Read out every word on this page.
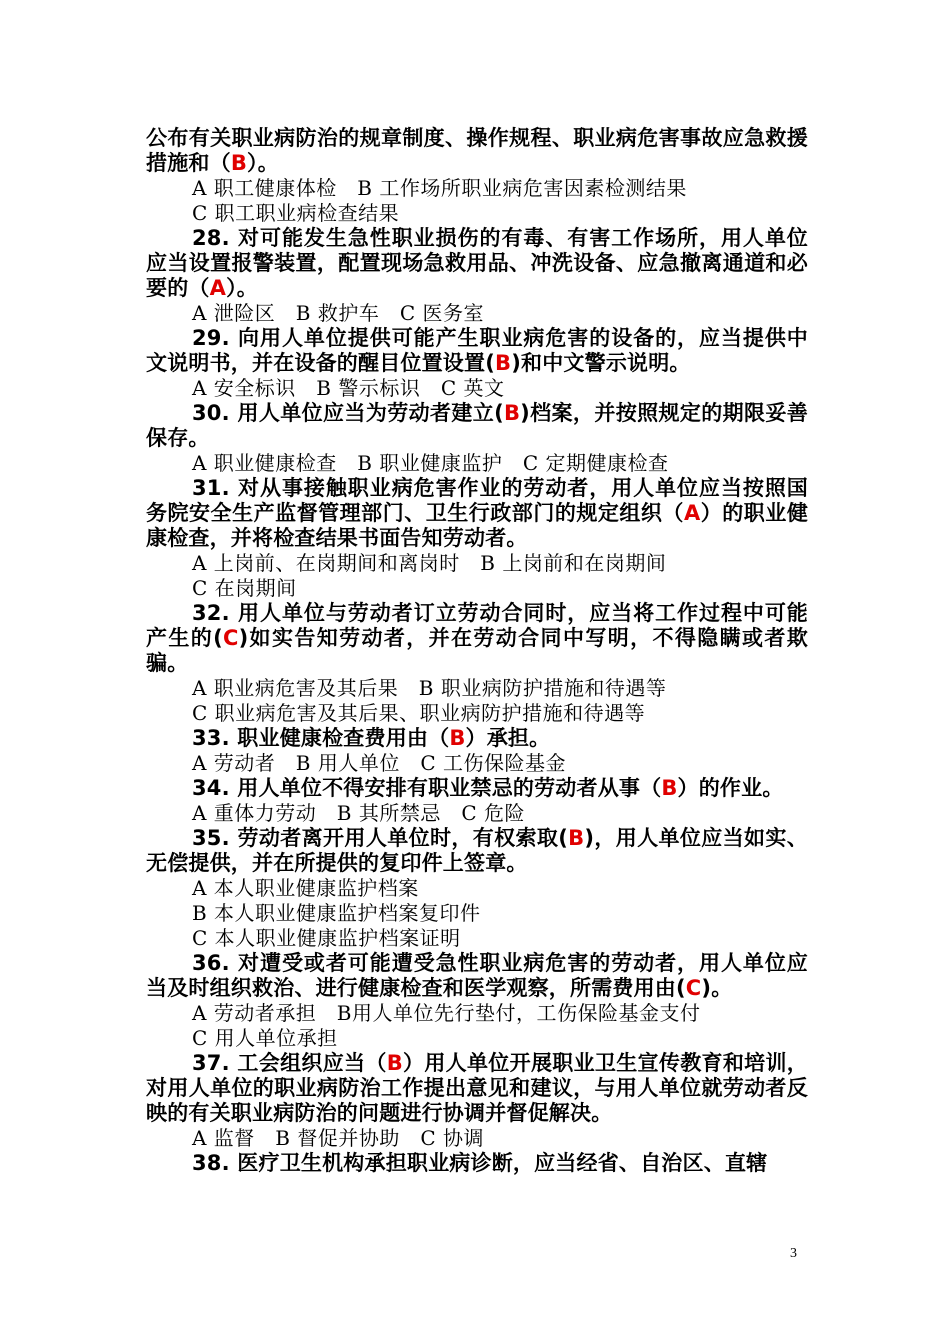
公布有关职业病防治的规章制度、操作规程、职业病危害事故应急救援措施和（B）。
A 职工健康体检　B 工作场所职业病危害因素检测结果
C 职工职业病检查结果
28. 对可能发生急性职业损伤的有毒、有害工作场所，用人单位应当设置报警装置，配置现场急救用品、冲洗设备、应急撤离通道和必要的（A）。
A 泄险区　B 救护车　C 医务室
29. 向用人单位提供可能产生职业病危害的设备的，应当提供中文说明书，并在设备的醒目位置设置(B)和中文警示说明。
A 安全标识　B 警示标识　C 英文
30. 用人单位应当为劳动者建立(B)档案，并按照规定的期限妥善保存。
A 职业健康检查　B 职业健康监护　C 定期健康检查
31. 对从事接触职业病危害作业的劳动者，用人单位应当按照国务院安全生产监督管理部门、卫生行政部门的规定组织（A）的职业健康检查，并将检查结果书面告知劳动者。
A 上岗前、在岗期间和离岗时　B 上岗前和在岗期间
C 在岗期间
32. 用人单位与劳动者订立劳动合同时，应当将工作过程中可能产生的(C)如实告知劳动者，并在劳动合同中写明，不得隐瞒或者欺骗。
A 职业病危害及其后果　B 职业病防护措施和待遇等
C 职业病危害及其后果、职业病防护措施和待遇等
33. 职业健康检查费用由（B）承担。
A 劳动者　B 用人单位　C 工伤保险基金
34. 用人单位不得安排有职业禁忌的劳动者从事（B）的作业。
A 重体力劳动　B 其所禁忌　C 危险
35. 劳动者离开用人单位时，有权索取(B)，用人单位应当如实、无偿提供，并在所提供的复印件上签章。
A 本人职业健康监护档案
B 本人职业健康监护档案复印件
C 本人职业健康监护档案证明
36. 对遭受或者可能遭受急性职业病危害的劳动者，用人单位应当及时组织救治、进行健康检查和医学观察，所需费用由(C)。
A 劳动者承担　B用人单位先行垫付，工伤保险基金支付
C 用人单位承担
37. 工会组织应当（B）用人单位开展职业卫生宣传教育和培训，对用人单位的职业病防治工作提出意见和建议，与用人单位就劳动者反映的有关职业病防治的问题进行协调并督促解决。
A 监督　B 督促并协助　C 协调
38. 医疗卫生机构承担职业病诊断，应当经省、自治区、直辖
3
